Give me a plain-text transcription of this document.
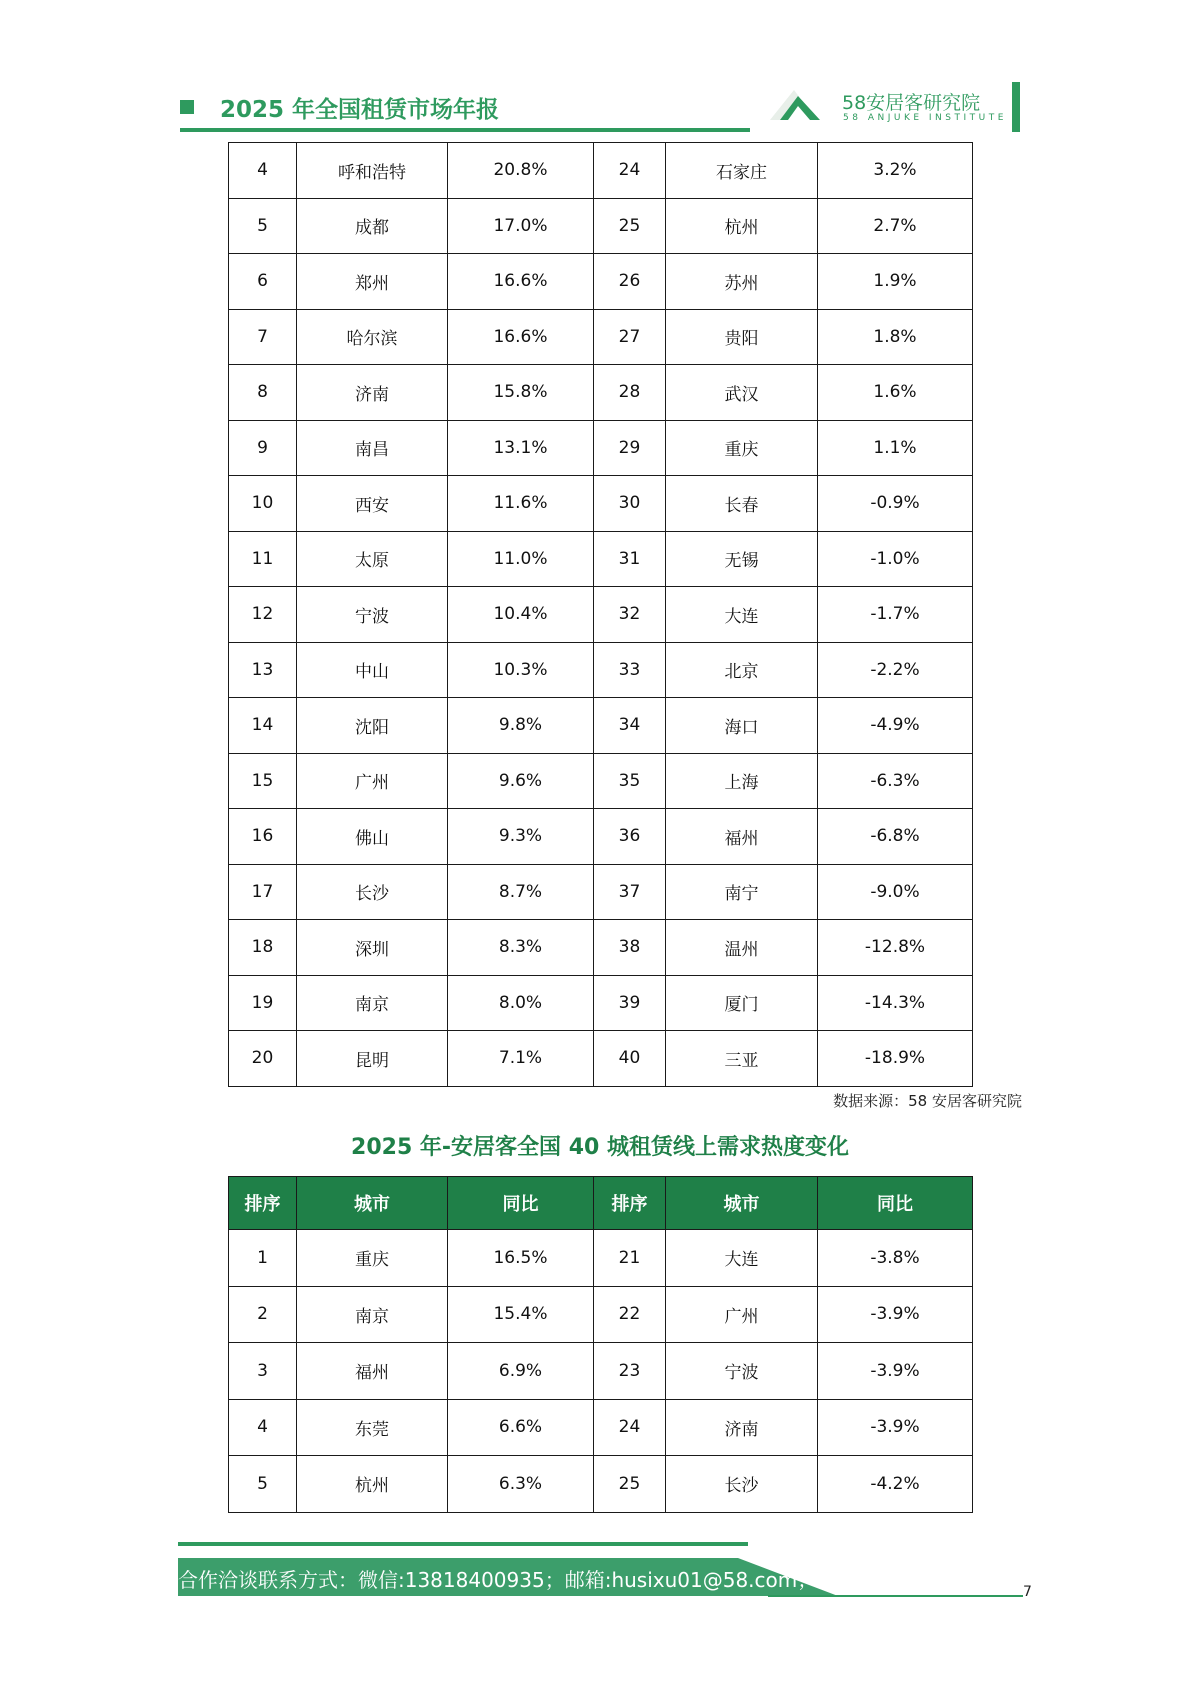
2025 年全国租赁市场年报	58安居客研究院
58 ANJUKE INSTITUTE
4	呼和浩特	20.8%	24	石家庄	3.2%
5	成都	17.0%	25	杭州	2.7%
6	郑州	16.6%	26	苏州	1.9%
7	哈尔滨	16.6%	27	贵阳	1.8%
8	济南	15.8%	28	武汉	1.6%
9	南昌	13.1%	29	重庆	1.1%
10	西安	11.6%	30	长春	-0.9%
11	太原	11.0%	31	无锡	-1.0%
12	宁波	10.4%	32	大连	-1.7%
13	中山	10.3%	33	北京	-2.2%
14	沈阳	9.8%	34	海口	-4.9%
15	广州	9.6%	35	上海	-6.3%
16	佛山	9.3%	36	福州	-6.8%
17	长沙	8.7%	37	南宁	-9.0%
18	深圳	8.3%	38	温州	-12.8%
19	南京	8.0%	39	厦门	-14.3%
20	昆明	7.1%	40	三亚	-18.9%
数据来源：58 安居客研究院
2025 年-安居客全国 40 城租赁线上需求热度变化
排序	城市	同比	排序	城市	同比
1	重庆	16.5%	21	大连	-3.8%
2	南京	15.4%	22	广州	-3.9%
3	福州	6.9%	23	宁波	-3.9%
4	东莞	6.6%	24	济南	-3.9%
5	杭州	6.3%	25	长沙	-4.2%
合作洽谈联系方式：微信:13818400935；邮箱:husixu01@58.com；	7
